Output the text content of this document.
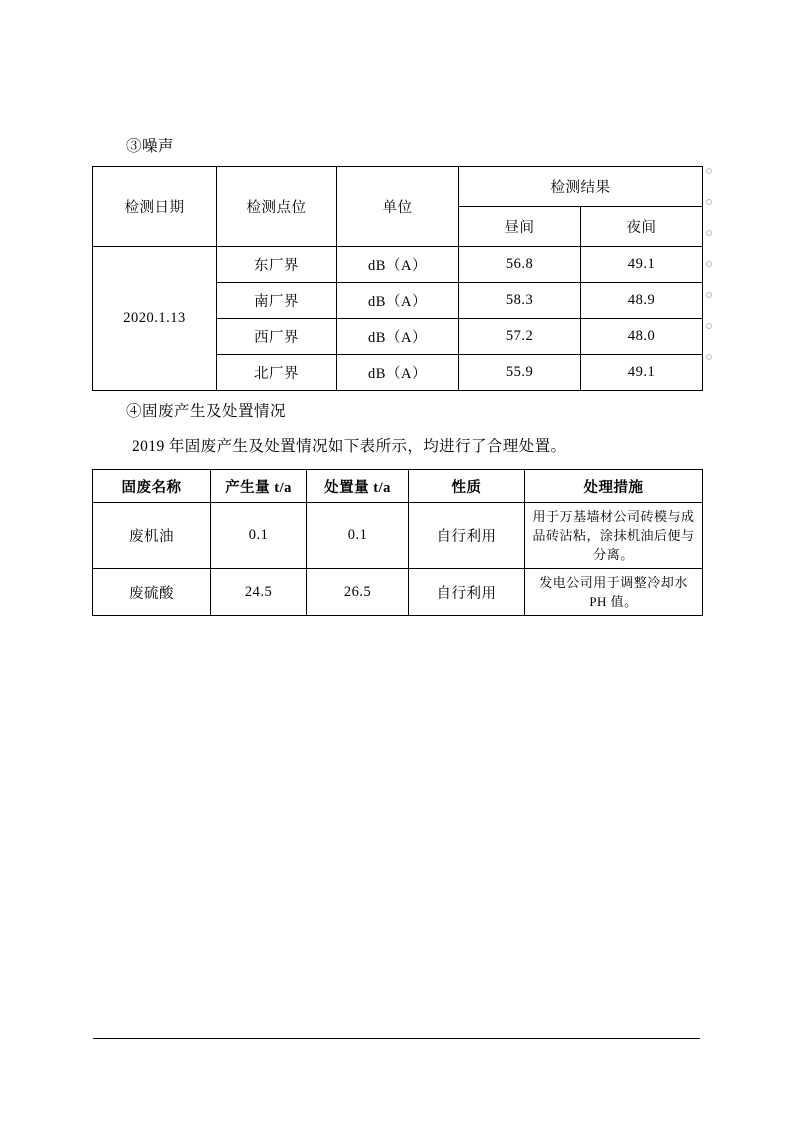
③噪声
检测日期	检测点位	单位	检测结果	
			昼间	夜间
2020.1.13	东厂界	dB（A）	56.8	49.1
	南厂界	dB（A）	58.3	48.9
	西厂界	dB（A）	57.2	48.0
	北厂界	dB（A）	55.9	49.1
④固废产生及处置情况
2019 年固废产生及处置情况如下表所示，均进行了合理处置。
固废名称	产生量 t/a	处置量 t/a	性质	处理措施
废机油	0.1	0.1	自行利用	用于万基墙材公司砖模与成品砖沾粘，涂抹机油后便与分离。
废硫酸	24.5	26.5	自行利用	发电公司用于调整冷却水 PH 值。
